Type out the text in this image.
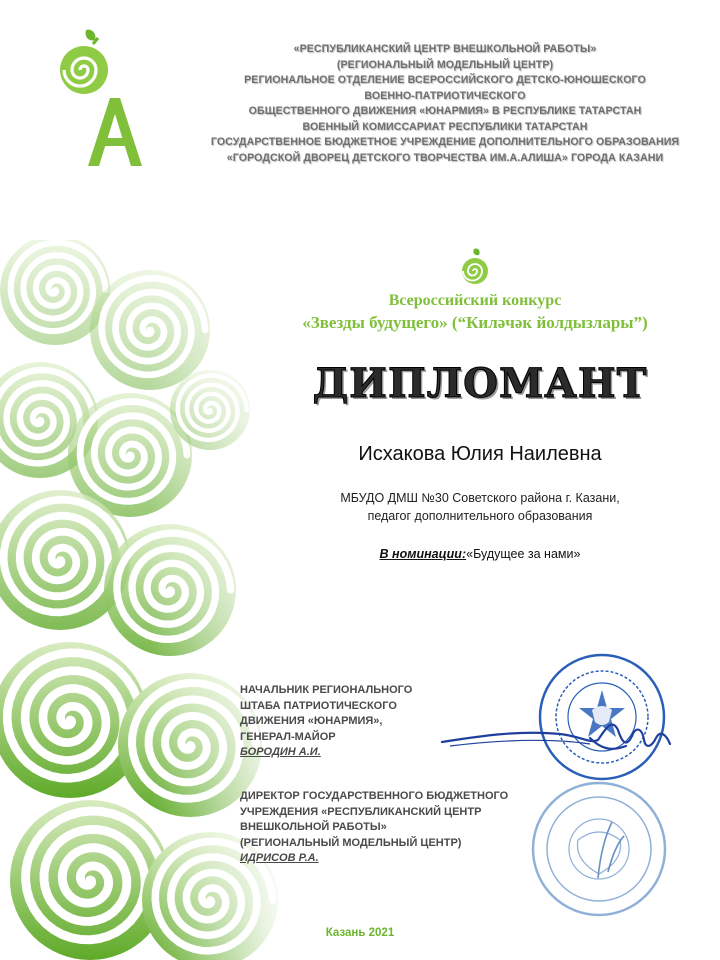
«РЕСПУБЛИКАНСКИЙ ЦЕНТР ВНЕШКОЛЬНОЙ РАБОТЫ»
(РЕГИОНАЛЬНЫЙ МОДЕЛЬНЫЙ ЦЕНТР)
РЕГИОНАЛЬНОЕ ОТДЕЛЕНИЕ ВСЕРОССИЙСКОГО ДЕТСКО-ЮНОШЕСКОГО
ВОЕННО-ПАТРИОТИЧЕСКОГО
ОБЩЕСТВЕННОГО ДВИЖЕНИЯ «ЮНАРМИЯ» В РЕСПУБЛИКЕ ТАТАРСТАН
ВОЕННЫЙ КОМИССАРИАТ РЕСПУБЛИКИ ТАТАРСТАН
ГОСУДАРСТВЕННОЕ БЮДЖЕТНОЕ УЧРЕЖДЕНИЕ ДОПОЛНИТЕЛЬНОГО ОБРАЗОВАНИЯ
«ГОРОДСКОЙ ДВОРЕЦ ДЕТСКОГО ТВОРЧЕСТВА ИМ.А.АЛИША» ГОРОДА КАЗАНИ
Всероссийский конкурс
«Звезды будущего» (“Киләчәк йолдызлары”)
ДИПЛОМАНТ
Исхакова Юлия Наилевна
МБУДО ДМШ №30 Советского района г. Казани,
педагог дополнительного образования
В номинации:«Будущее за нами»
НАЧАЛЬНИК РЕГИОНАЛЬНОГО
ШТАБА ПАТРИОТИЧЕСКОГО
ДВИЖЕНИЯ «ЮНАРМИЯ»,
ГЕНЕРАЛ-МАЙОР
БОРОДИН А.И.
ДИРЕКТОР ГОСУДАРСТВЕННОГО БЮДЖЕТНОГО
УЧРЕЖДЕНИЯ «РЕСПУБЛИКАНСКИЙ ЦЕНТР
ВНЕШКОЛЬНОЙ РАБОТЫ»
(РЕГИОНАЛЬНЫЙ МОДЕЛЬНЫЙ ЦЕНТР)
ИДРИСОВ Р.А.
Казань 2021
